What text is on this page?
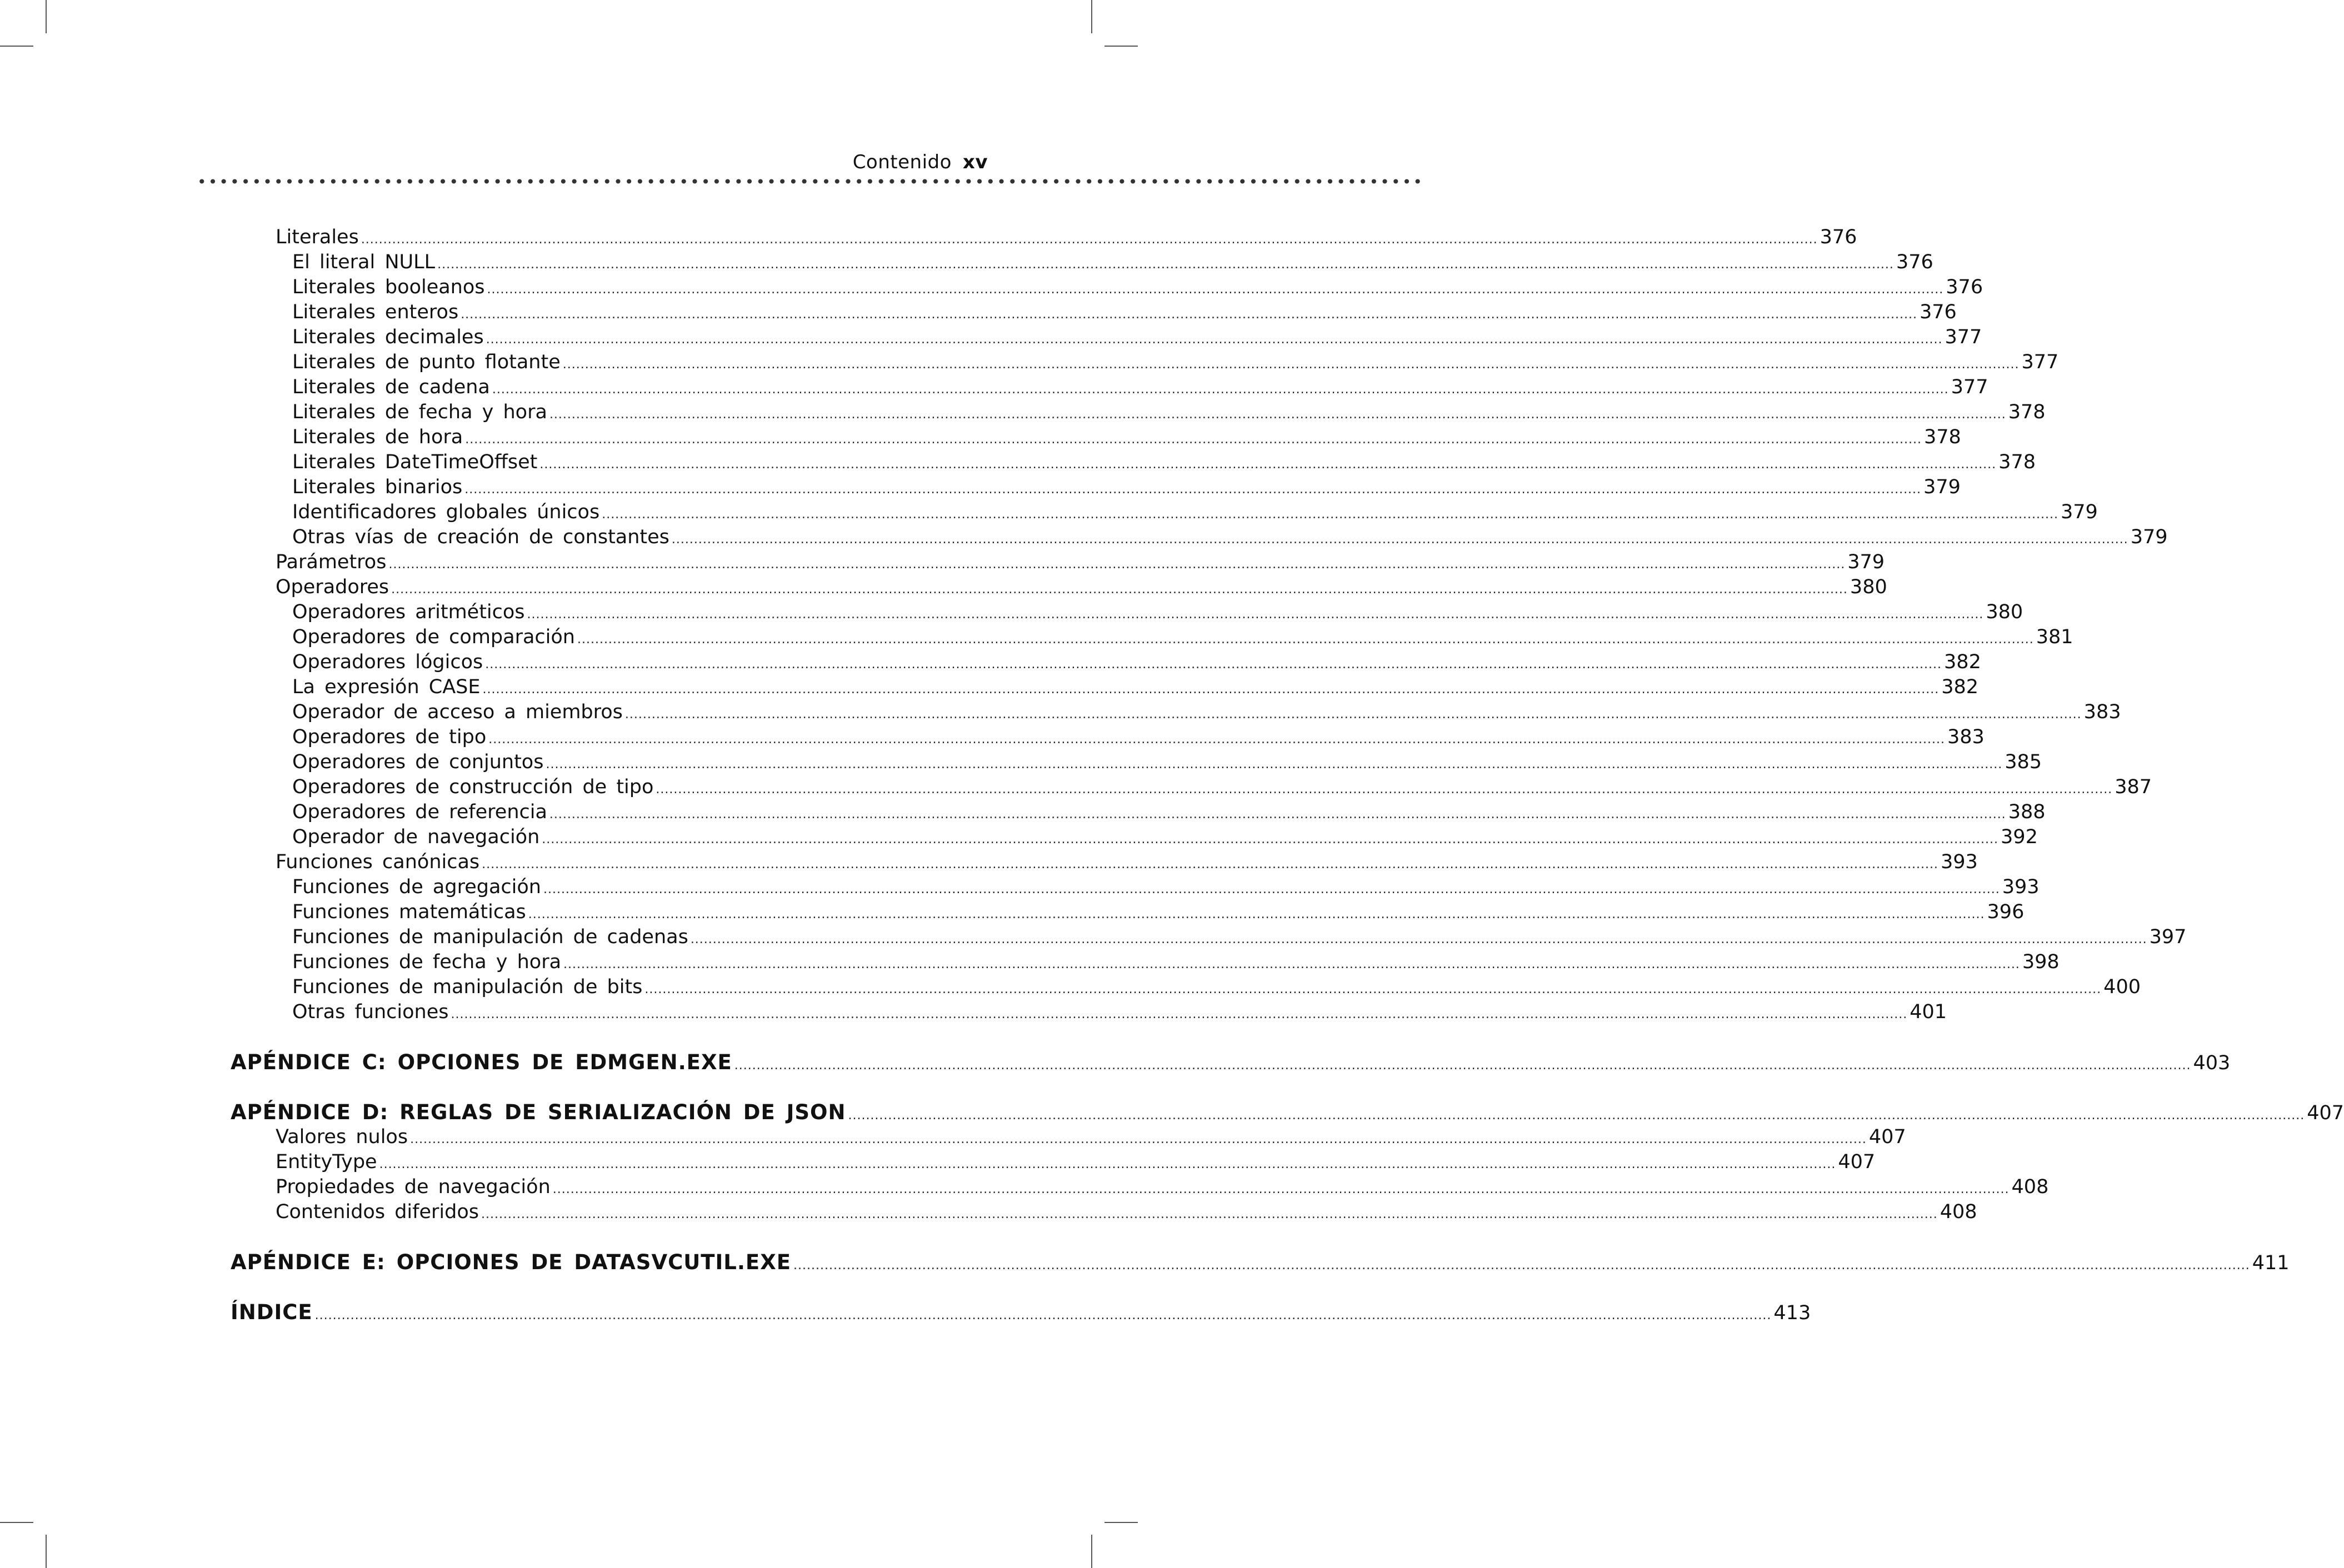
Contenido xv
••••••••••••••••••••••••••••••••••••••••••••••••••••••••••••••••••••••••••••••••••••••••••••••••••••••••••••••••
Literales .....	376
El literal NULL .....	376
Literales booleanos .....	376
Literales enteros .....	376
Literales decimales .....	377
Literales de punto flotante .....	377
Literales de cadena .....	377
Literales de fecha y hora .....	378
Literales de hora .....	378
Literales DateTimeOffset .....	378
Literales binarios .....	379
Identificadores globales únicos .....	379
Otras vías de creación de constantes .....	379
Parámetros .....	379
Operadores .....	380
Operadores aritméticos .....	380
Operadores de comparación .....	381
Operadores lógicos .....	382
La expresión CASE .....	382
Operador de acceso a miembros .....	383
Operadores de tipo .....	383
Operadores de conjuntos .....	385
Operadores de construcción de tipo .....	387
Operadores de referencia .....	388
Operador de navegación .....	392
Funciones canónicas .....	393
Funciones de agregación .....	393
Funciones matemáticas .....	396
Funciones de manipulación de cadenas .....	397
Funciones de fecha y hora .....	398
Funciones de manipulación de bits .....	400
Otras funciones .....	401
APÉNDICE C: OPCIONES DE EDMGEN.EXE .....	403
APÉNDICE D: REGLAS DE SERIALIZACIÓN DE JSON .....	407
Valores nulos .....	407
EntityType .....	407
Propiedades de navegación .....	408
Contenidos diferidos .....	408
APÉNDICE E: OPCIONES DE DATASVCUTIL.EXE .....	411
ÍNDICE .....	413
